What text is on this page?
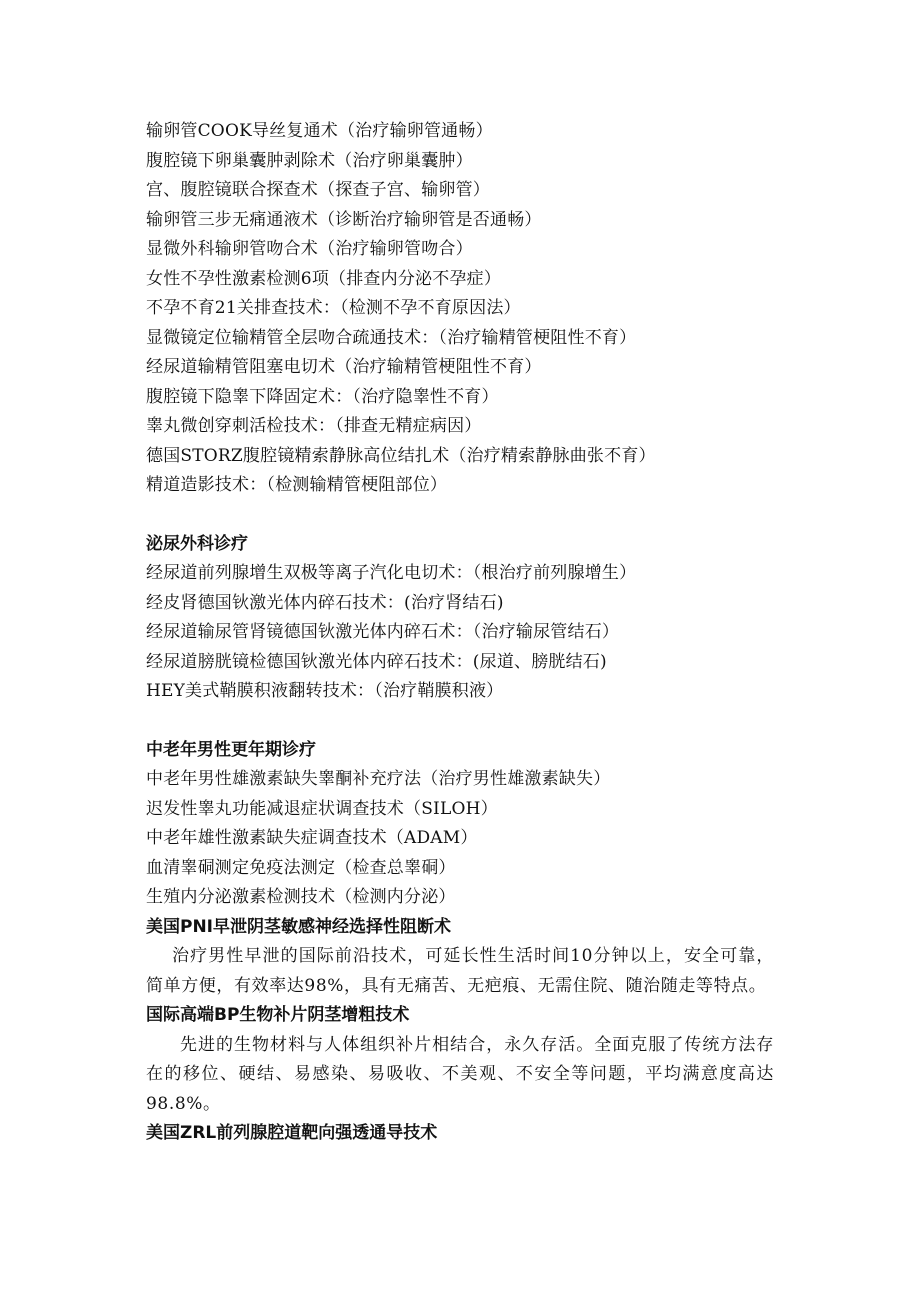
输卵管COOK导丝复通术（治疗输卵管通畅）
腹腔镜下卵巢囊肿剥除术（治疗卵巢囊肿）
宫、腹腔镜联合探查术（探查子宫、输卵管）
输卵管三步无痛通液术（诊断治疗输卵管是否通畅）
显微外科输卵管吻合术（治疗输卵管吻合）
女性不孕性激素检测6项（排查内分泌不孕症）
不孕不育21关排查技术：（检测不孕不育原因法）
显微镜定位输精管全层吻合疏通技术：（治疗输精管梗阻性不育）
经尿道输精管阻塞电切术（治疗输精管梗阻性不育）
腹腔镜下隐睾下降固定术：（治疗隐睾性不育）
睾丸微创穿刺活检技术：（排查无精症病因）
德国STORZ腹腔镜精索静脉高位结扎术（治疗精索静脉曲张不育）
精道造影技术：（检测输精管梗阻部位）
泌尿外科诊疗
经尿道前列腺增生双极等离子汽化电切术：（根治疗前列腺增生）
经皮肾德国钬激光体内碎石技术：(治疗肾结石)
经尿道输尿管肾镜德国钬激光体内碎石术：（治疗输尿管结石）
经尿道膀胱镜检德国钬激光体内碎石技术：(尿道、膀胱结石)
HEY美式鞘膜积液翻转技术：（治疗鞘膜积液）
中老年男性更年期诊疗
中老年男性雄激素缺失睾酮补充疗法（治疗男性雄激素缺失）
迟发性睾丸功能减退症状调查技术（SILOH）
中老年雄性激素缺失症调查技术（ADAM）
血清睾硐测定免疫法测定（检查总睾硐）
生殖内分泌激素检测技术（检测内分泌）
美国PNI早泄阴茎敏感神经选择性阻断术
治疗男性早泄的国际前沿技术，可延长性生活时间10分钟以上，安全可靠，简单方便，有效率达98%，具有无痛苦、无疤痕、无需住院、随治随走等特点。
国际高端BP生物补片阴茎增粗技术
先进的生物材料与人体组织补片相结合，永久存活。全面克服了传统方法存在的移位、硬结、易感染、易吸收、不美观、不安全等问题，平均满意度高达98.8%。
美国ZRL前列腺腔道靶向强透通导技术
